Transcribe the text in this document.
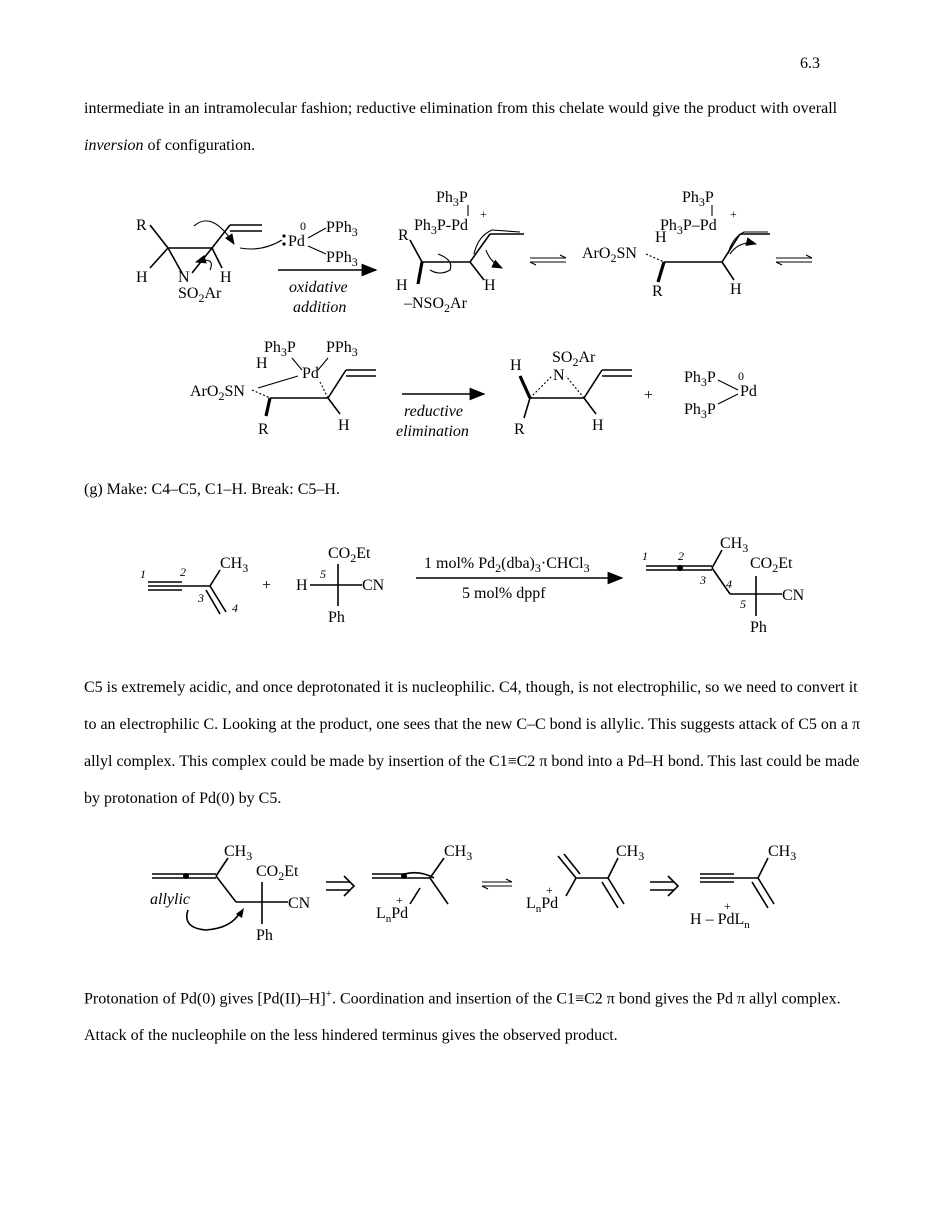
6.3

intermediate in an intramolecular fashion; reductive elimination from this chelate would give the product with overall inversion of configuration.

R
H N H
$SO_2Ar$
Pd
0 PPh$_3$
PPh$_3$
oxidative
addition
$Ph_3P$
$Ph_3P-Pd$
+
R
H	H
$-NSO_2Ar$
$Ph_3P$
$Ph_3P-Pd$
+
H
ArO$_2$SN
R	H
$Ph_3P$ PPh$_3$
Pd
H
ArO$_2$SN
R	H
reductive
elimination
H $SO_2Ar$
N
R	H
+
$Ph_3P$ 0
Pd
$Ph_3P$
(g) Make: C4–C5, C1–H. Break: C5–H.
1	2
3
4
$CH_3$
+
$CO_2Et$
H
5
CN
Ph
1 mol% $Pd_2(dba)_3\cdot CHCl_3$
5 mol% dppf
1	2
3 4
5
$CH_3$
$CO_2Et$
CN
Ph

C5 is extremely acidic, and once deprotonated it is nucleophilic. C4, though, is not electrophilic, so we need to convert it to an electrophilic C. Looking at the product, one sees that the new C–C bond is allylic. This suggests attack of C5 on a π allyl complex. This complex could be made by insertion of the C1≡C2 π bond into a Pd–H bond. This last could be made by protonation of Pd(0) by C5.

$CH_3$
$CO_2Et$
CN
Ph
allylic
$CH_3$
$L_nPd$
+
$CH_3$
$L_nPd$
+
$CH_3$
H – PdL$_n$
+

Protonation of Pd(0) gives [Pd(II)–H]+. Coordination and insertion of the C1≡C2 π bond gives the Pd π allyl complex. Attack of the nucleophile on the less hindered terminus gives the observed product.
